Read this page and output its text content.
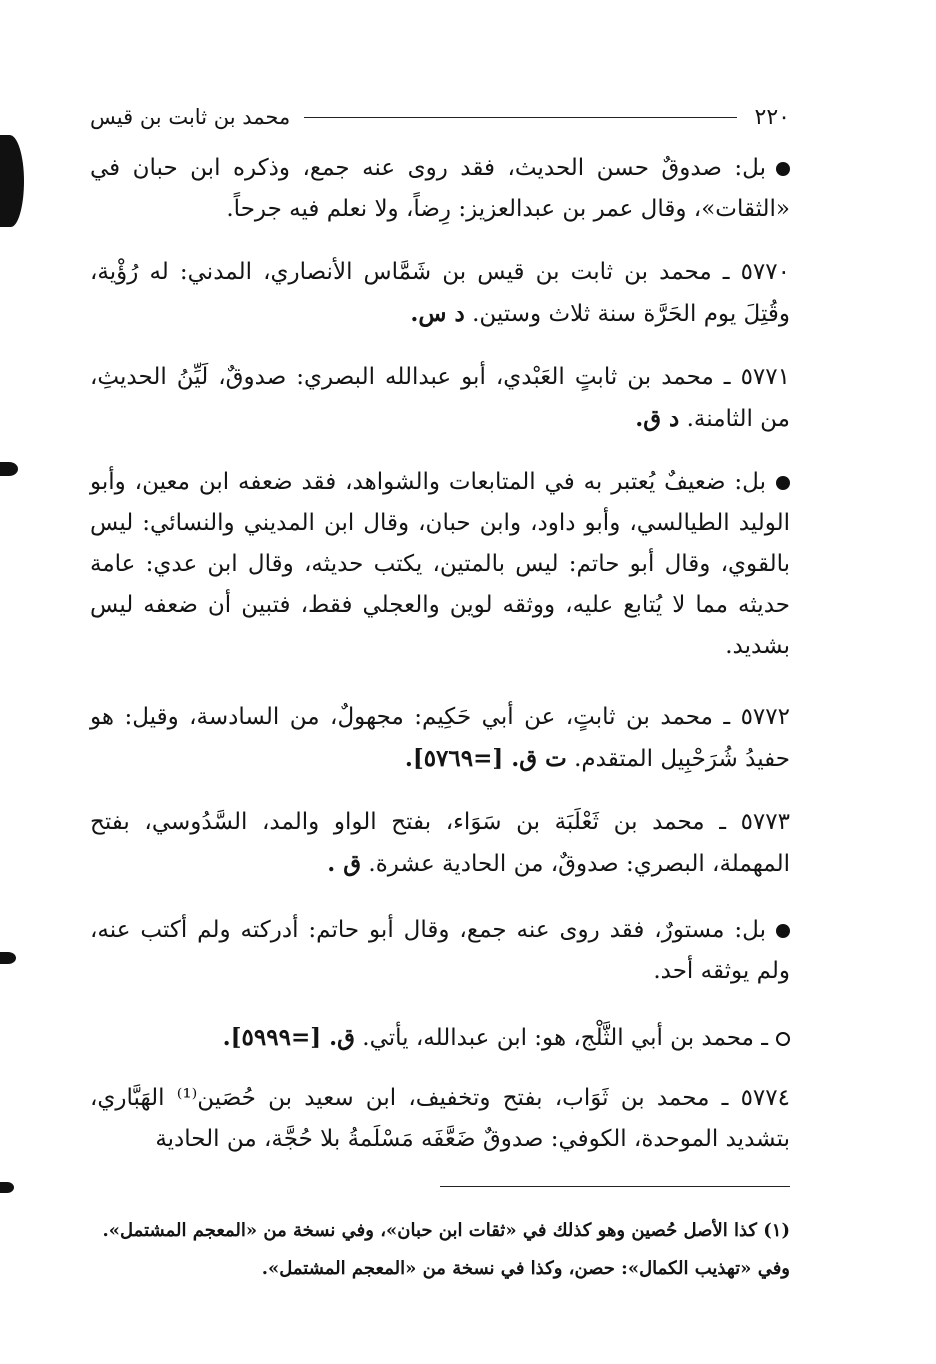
٢٢٠
محمد بن ثابت بن قيس

بل: صدوقٌ حسن الحديث، فقد روى عنه جمع، وذكره ابن حبان في «الثقات»، وقال عمر بن عبدالعزيز: رِضاً، ولا نعلم فيه جرحاً.

٥٧٧٠ ـ محمد بن ثابت بن قيس بن شَمَّاس الأنصاري، المدني: له رُؤْية، وقُتِلَ يوم الحَرَّة سنة ثلاث وستين. د س.

٥٧٧١ ـ محمد بن ثابتٍ العَبْدي، أبو عبدالله البصري: صدوقٌ، لَيِّنُ الحديثِ، من الثامنة. د ق.

بل: ضعيفٌ يُعتبر به في المتابعات والشواهد، فقد ضعفه ابن معين، وأبو الوليد الطيالسي، وأبو داود، وابن حبان، وقال ابن المديني والنسائي: ليس بالقوي، وقال أبو حاتم: ليس بالمتين، يكتب حديثه، وقال ابن عدي: عامة حديثه مما لا يُتابع عليه، ووثقه لوين والعجلي فقط، فتبين أن ضعفه ليس بشديد.

٥٧٧٢ ـ محمد بن ثابتٍ، عن أبي حَكِيم: مجهولٌ، من السادسة، وقيل: هو حفيدُ شُرَحْبِيل المتقدم. ت ق. [=٥٧٦٩].

٥٧٧٣ ـ محمد بن ثَعْلَبَة بن سَوَاء، بفتح الواو والمد، السَّدُوسي، بفتح المهملة، البصري: صدوقٌ، من الحادية عشرة. ق .

بل: مستورٌ، فقد روى عنه جمع، وقال أبو حاتم: أدركته ولم أكتب عنه، ولم يوثقه أحد.

ـ محمد بن أبي الثَّلْج، هو: ابن عبدالله، يأتي. ق. [=٥٩٩٩].

٥٧٧٤ ـ محمد بن ثَوَاب، بفتح وتخفيف، ابن سعيد بن حُصَين⁽¹⁾ الهَبَّاري، بتشديد الموحدة، الكوفي: صدوقٌ ضَعَّفَه مَسْلَمةُ بلا حُجَّة، من الحادية

(١) كذا الأصل حُصين وهو كذلك في «ثقات ابن حبان»، وفي نسخة من «المعجم المشتمل».

وفي «تهذيب الكمال»: حصن، وكذا في نسخة من «المعجم المشتمل».
